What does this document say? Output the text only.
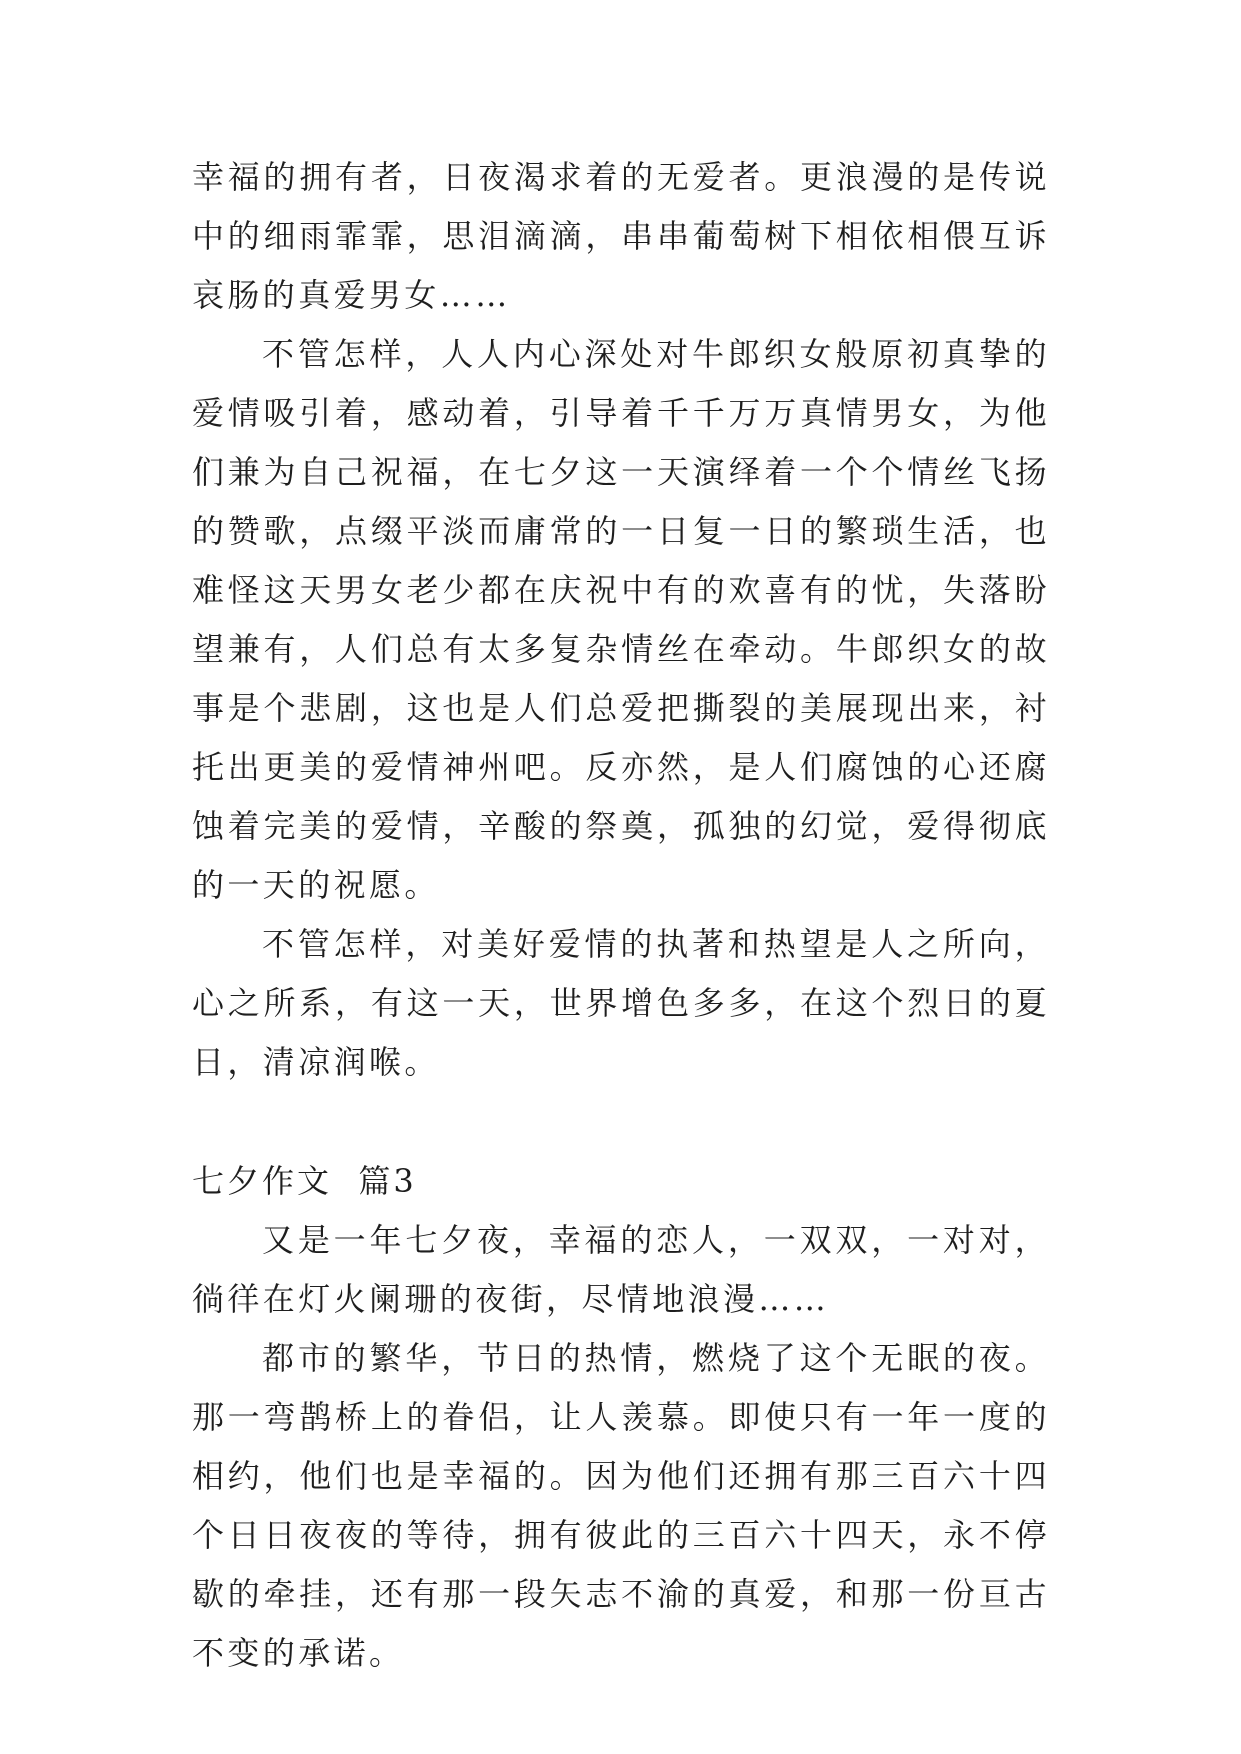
幸福的拥有者，日夜渴求着的无爱者。更浪漫的是传说中的细雨霏霏，思泪滴滴，串串葡萄树下相依相偎互诉哀肠的真爱男女……

不管怎样，人人内心深处对牛郎织女般原初真挚的爱情吸引着，感动着，引导着千千万万真情男女，为他们兼为自己祝福，在七夕这一天演绎着一个个情丝飞扬的赞歌，点缀平淡而庸常的一日复一日的繁琐生活，也难怪这天男女老少都在庆祝中有的欢喜有的忧，失落盼望兼有，人们总有太多复杂情丝在牵动。牛郎织女的故事是个悲剧，这也是人们总爱把撕裂的美展现出来，衬托出更美的爱情神州吧。反亦然，是人们腐蚀的心还腐蚀着完美的爱情，辛酸的祭奠，孤独的幻觉，爱得彻底的一天的祝愿。

不管怎样，对美好爱情的执著和热望是人之所向，心之所系，有这一天，世界增色多多，在这个烈日的夏日，清凉润喉。

七夕作文  篇3

又是一年七夕夜，幸福的恋人，一双双，一对对，徜徉在灯火阑珊的夜街，尽情地浪漫……

都市的繁华，节日的热情，燃烧了这个无眠的夜。那一弯鹊桥上的眷侣，让人羡慕。即使只有一年一度的相约，他们也是幸福的。因为他们还拥有那三百六十四个日日夜夜的等待，拥有彼此的三百六十四天，永不停歇的牵挂，还有那一段矢志不渝的真爱，和那一份亘古不变的承诺。
